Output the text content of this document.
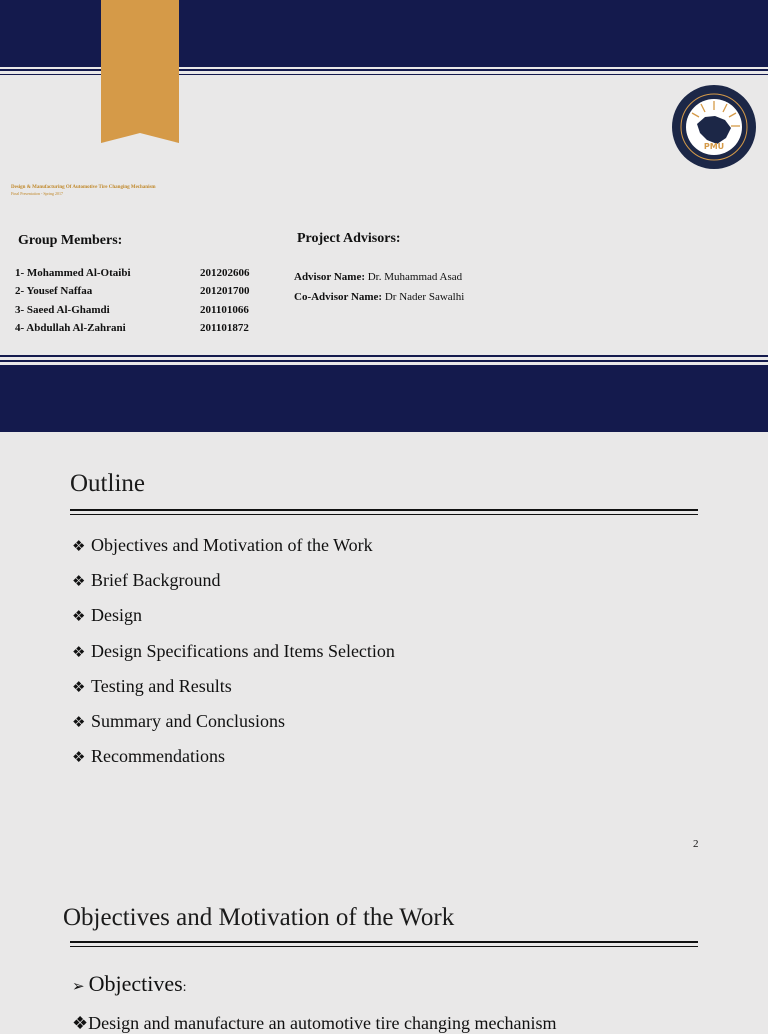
PMU
Design & Manufacturing Of Automotive Tire Changing Mechanism
Final Presentation - Spring 2017
Group Members:
1- Mohammed Al-Otaibi	201202606
2- Yousef Naffaa	201201700
3- Saeed Al-Ghamdi	201101066
4- Abdullah Al-Zahrani	201101872
Project Advisors:
Advisor Name: Dr. Muhammad Asad
Co-Advisor Name: Dr Nader Sawalhi
Outline
❖ Objectives and Motivation of the Work
❖ Brief Background
❖ Design
❖ Design Specifications and Items Selection
❖ Testing and Results
❖ Summary and Conclusions
❖ Recommendations
2
Objectives and Motivation of the Work
➢ Objectives:
❖Design and manufacture an automotive tire changing mechanism
